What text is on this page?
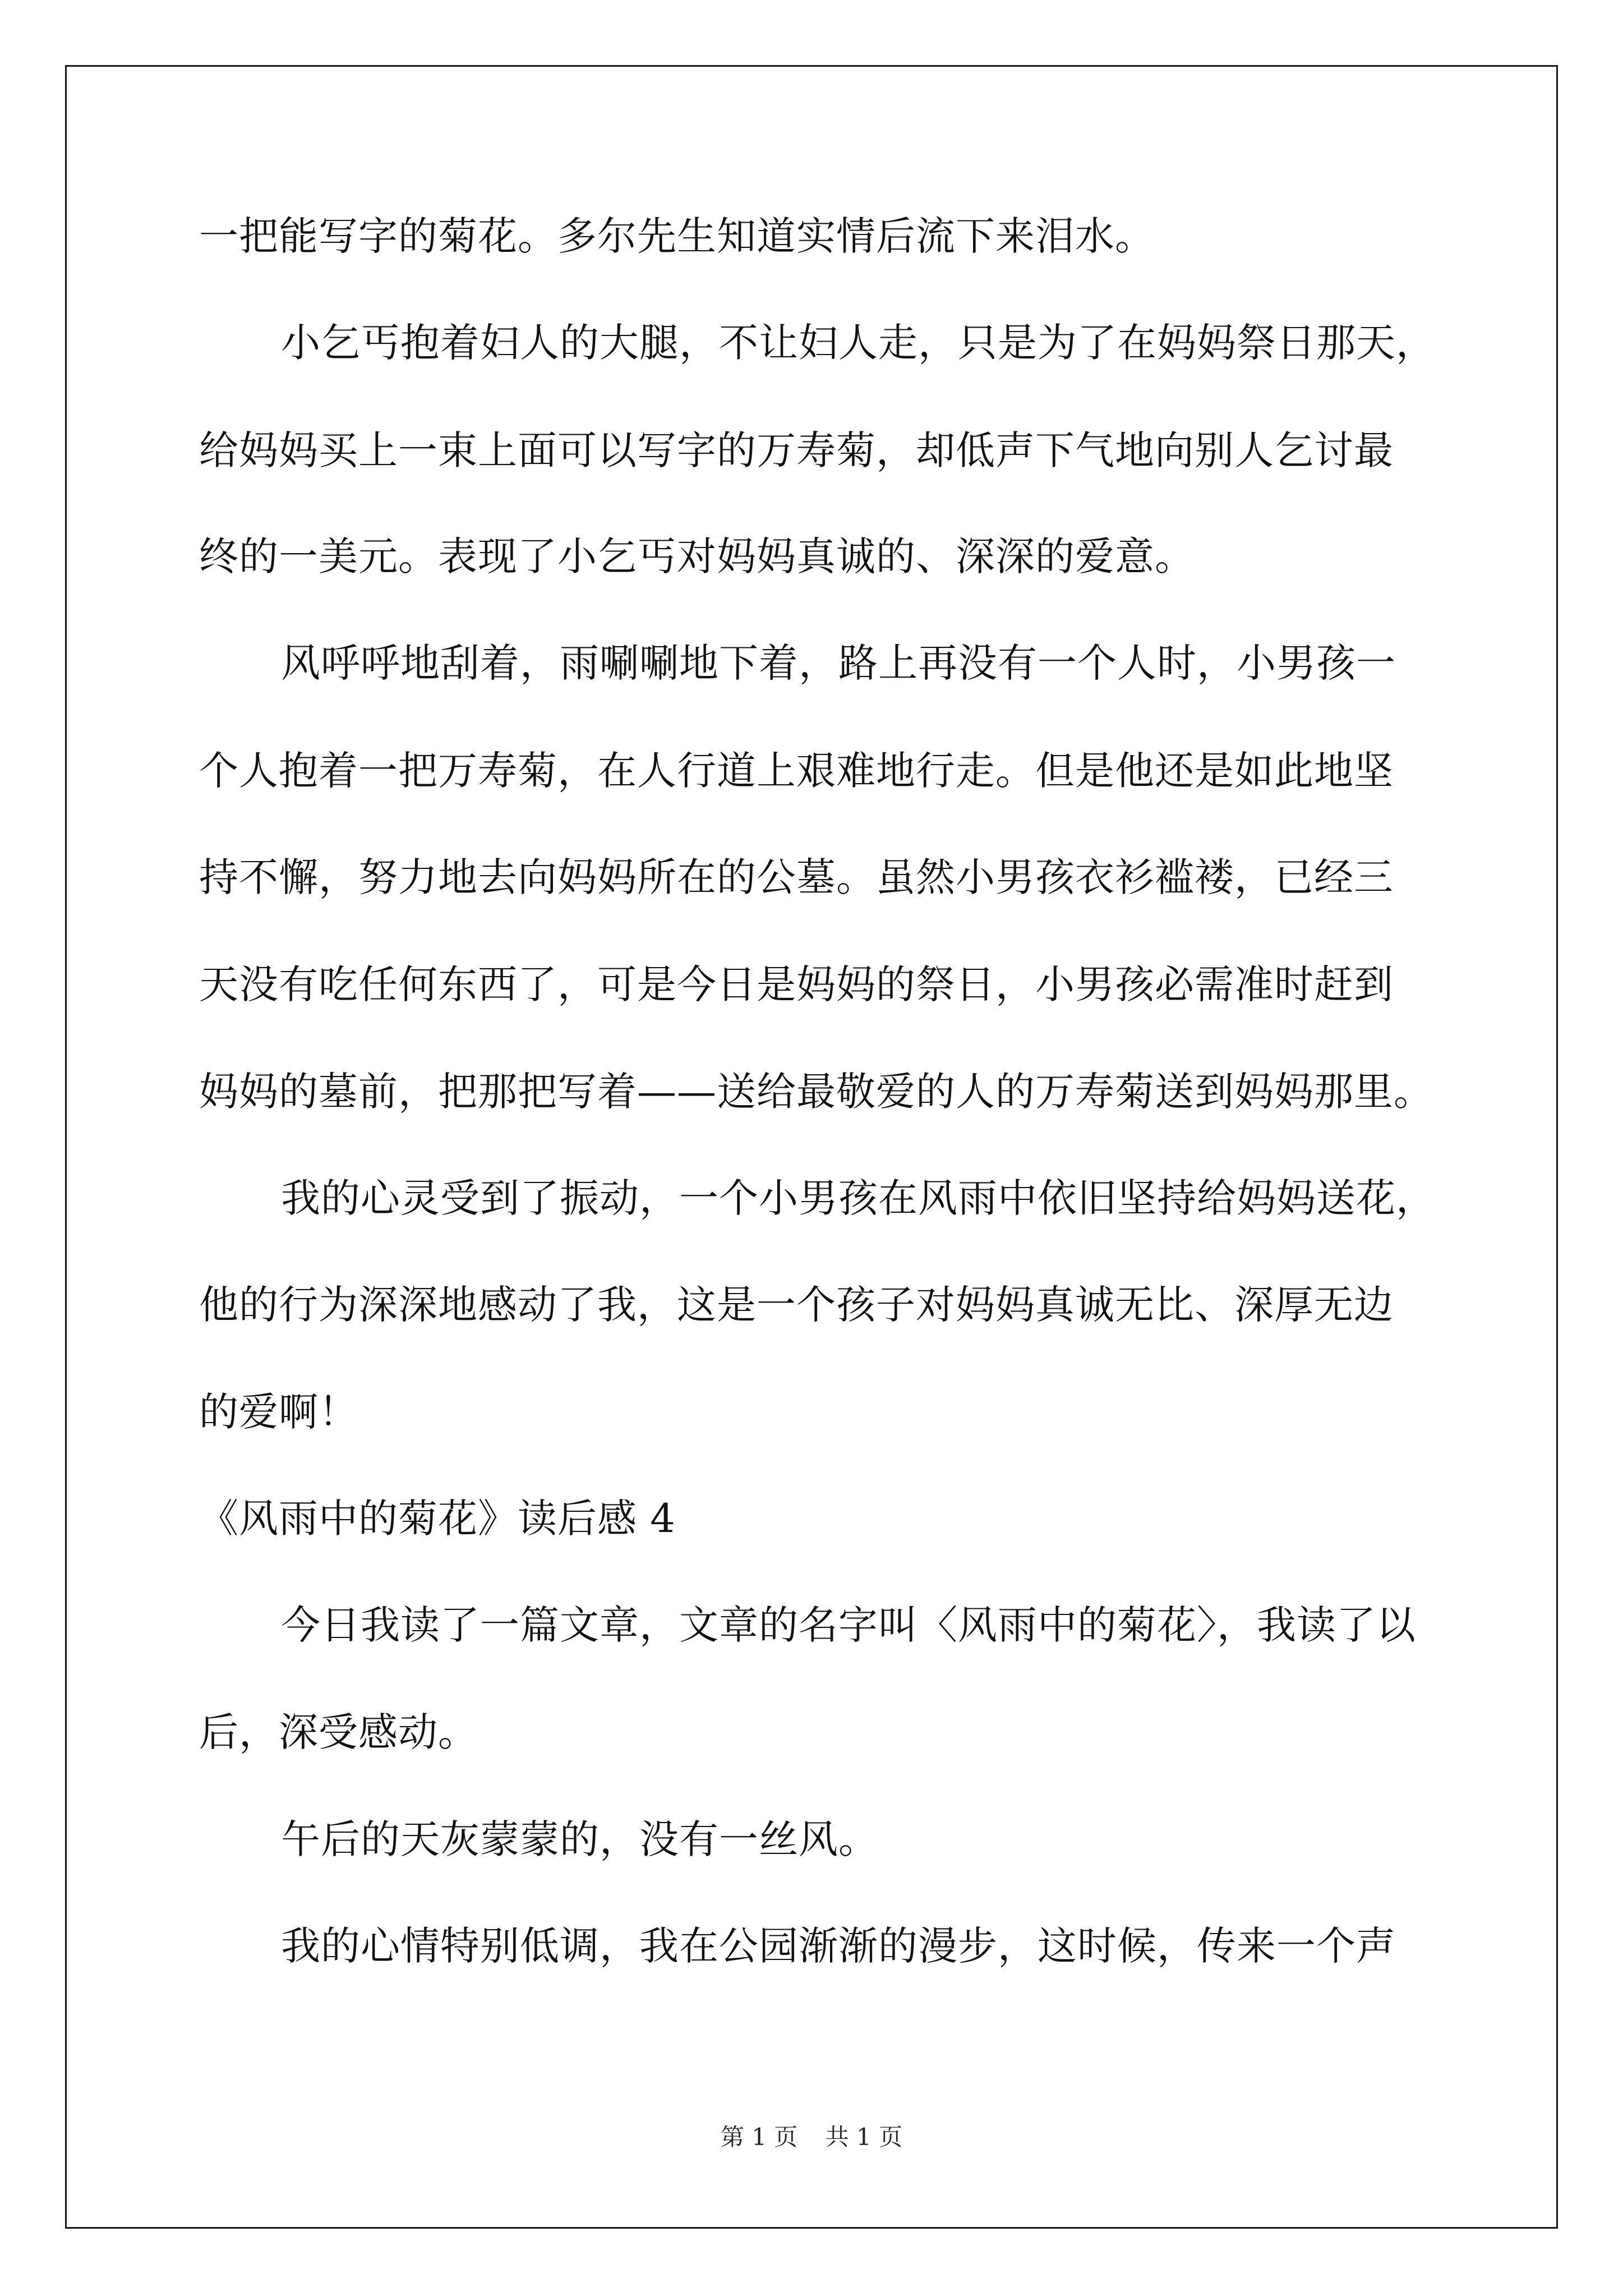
一把能写字的菊花。多尔先生知道实情后流下来泪水。
小乞丐抱着妇人的大腿，不让妇人走，只是为了在妈妈祭日那天，
给妈妈买上一束上面可以写字的万寿菊，却低声下气地向别人乞讨最
终的一美元。表现了小乞丐对妈妈真诚的、深深的爱意。
风呼呼地刮着，雨唰唰地下着，路上再没有一个人时，小男孩一
个人抱着一把万寿菊，在人行道上艰难地行走。但是他还是如此地坚
持不懈，努力地去向妈妈所在的公墓。虽然小男孩衣衫褴褛，已经三
天没有吃任何东西了，可是今日是妈妈的祭日，小男孩必需准时赶到
妈妈的墓前，把那把写着——送给最敬爱的人的万寿菊送到妈妈那里。
我的心灵受到了振动，一个小男孩在风雨中依旧坚持给妈妈送花，
他的行为深深地感动了我，这是一个孩子对妈妈真诚无比、深厚无边
的爱啊！
《风雨中的菊花》读后感 4
今日我读了一篇文章，文章的名字叫〈风雨中的菊花〉，我读了以
后，深受感动。
午后的天灰蒙蒙的，没有一丝风。
我的心情特别低调，我在公园渐渐的漫步，这时候，传来一个声
第 1 页 共 1 页
